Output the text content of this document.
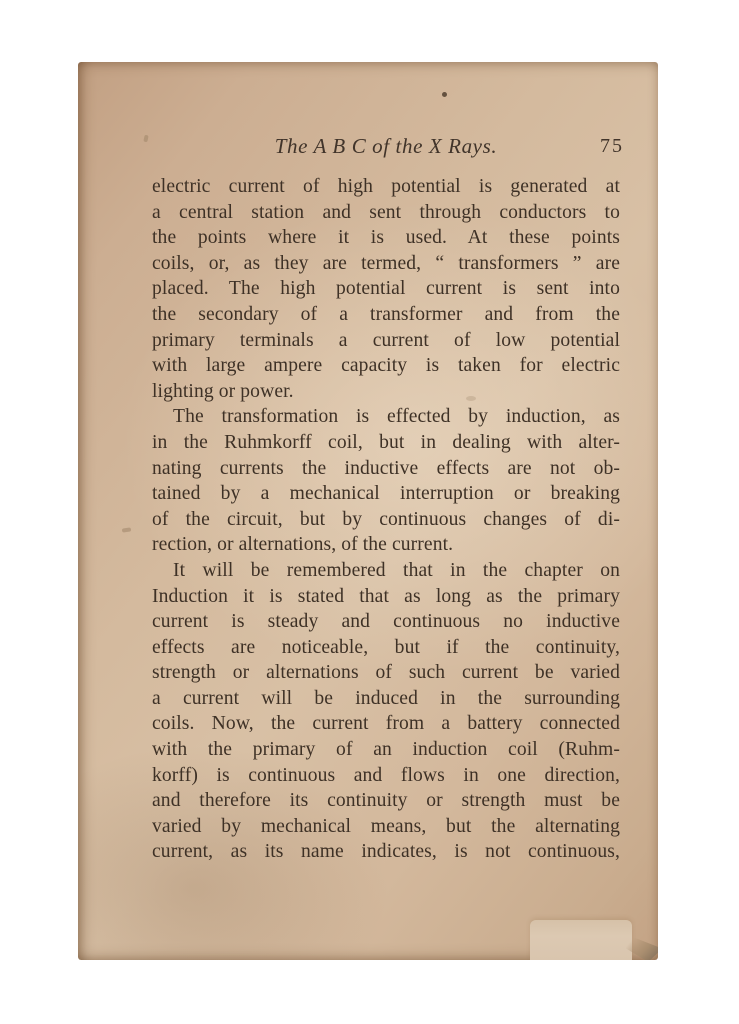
The A B C of the X Rays.	75
electric current of high potential is generated at
a central station and sent through conductors to
the points where it is used. At these points
coils, or, as they are termed, “ transformers ” are
placed. The high potential current is sent into
the secondary of a transformer and from the
primary terminals a current of low potential
with large ampere capacity is taken for electric
lighting or power.
The transformation is effected by induction, as
in the Ruhmkorff coil, but in dealing with alter-
nating currents the inductive effects are not ob-
tained by a mechanical interruption or breaking
of the circuit, but by continuous changes of di-
rection, or alternations, of the current.
It will be remembered that in the chapter on
Induction it is stated that as long as the primary
current is steady and continuous no inductive
effects are noticeable, but if the continuity,
strength or alternations of such current be varied
a current will be induced in the surrounding
coils. Now, the current from a battery connected
with the primary of an induction coil (Ruhm-
korff) is continuous and flows in one direction,
and therefore its continuity or strength must be
varied by mechanical means, but the alternating
current, as its name indicates, is not continuous,
